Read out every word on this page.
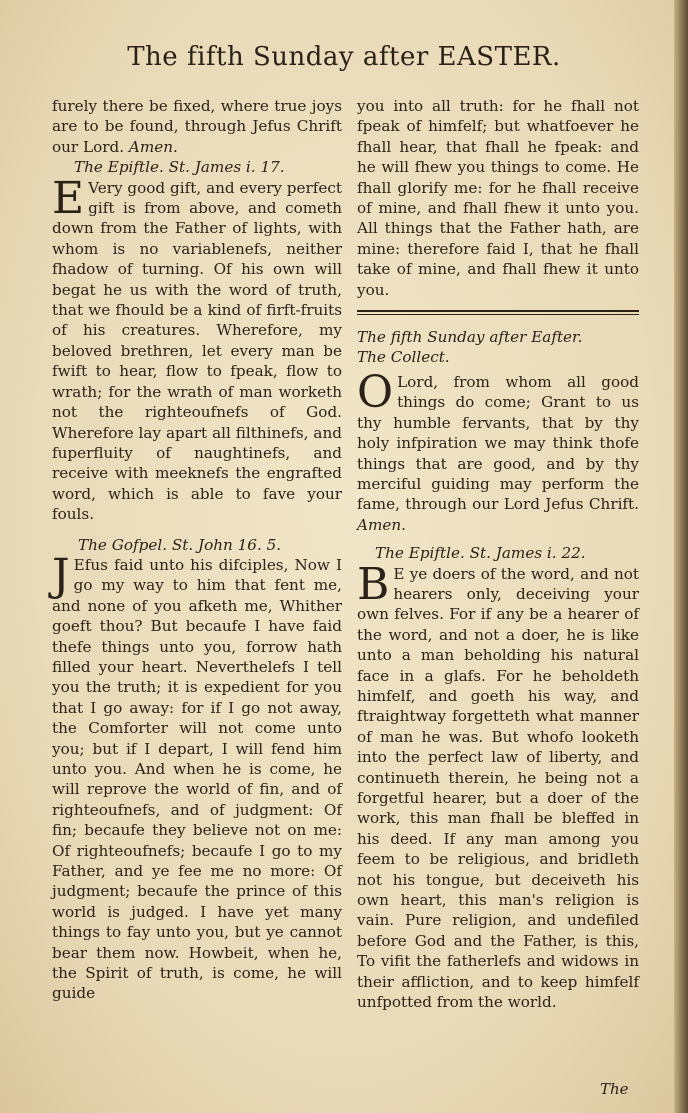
The fifth Sunday after EASTER.

furely there be fixed, where true joys are to be found, through Jefus Chrift our Lord. Amen.

The Epiftle. St. James i. 17.

E Very good gift, and every perfect gift is from above, and cometh down from the Father of lights, with whom is no variablenefs, neither fhadow of turning. Of his own will begat he us with the word of truth, that we fhould be a kind of firft-fruits of his creatures. Wherefore, my beloved brethren, let every man be fwift to hear, flow to fpeak, flow to wrath; for the wrath of man worketh not the righteoufnefs of God. Wherefore lay apart all filthinefs, and fuperfluity of naughtinefs, and receive with meeknefs the engrafted word, which is able to fave your fouls.

The Gofpel. St. John 16. 5.

J Efus faid unto his difciples, Now I go my way to him that fent me, and none of you afketh me, Whither goeft thou? But becaufe I have faid thefe things unto you, forrow hath filled your heart. Neverthelefs I tell you the truth; it is expedient for you that I go away: for if I go not away, the Comforter will not come unto you; but if I depart, I will fend him unto you. And when he is come, he will reprove the world of fin, and of righteoufnefs, and of judgment: Of fin; becaufe they believe not on me: Of righteoufnefs; becaufe I go to my Father, and ye fee me no more: Of judgment; becaufe the prince of this world is judged. I have yet many things to fay unto you, but ye cannot bear them now. Howbeit, when he, the Spirit of truth, is come, he will guide

you into all truth: for he fhall not fpeak of himfelf; but whatfoever he fhall hear, that fhall he fpeak: and he will fhew you things to come. He fhall glorify me: for he fhall receive of mine, and fhall fhew it unto you. All things that the Father hath, are mine: therefore faid I, that he fhall take of mine, and fhall fhew it unto you.

The fifth Sunday after Eafter.

The Collect.

O Lord, from whom all good things do come; Grant to us thy humble fervants, that by thy holy infpiration we may think thofe things that are good, and by thy merciful guiding may perform the fame, through our Lord Jefus Chrift. Amen.

The Epiftle. St. James i. 22.

B E ye doers of the word, and not hearers only, deceiving your own felves. For if any be a hearer of the word, and not a doer, he is like unto a man beholding his natural face in a glafs. For he beholdeth himfelf, and goeth his way, and ftraightway forgetteth what manner of man he was. But whofo looketh into the perfect law of liberty, and continueth therein, he being not a forgetful hearer, but a doer of the work, this man fhall be bleffed in his deed. If any man among you feem to be religious, and bridleth not his tongue, but deceiveth his own heart, this man's religion is vain. Pure religion, and undefiled before God and the Father, is this, To vifit the fatherlefs and widows in their affliction, and to keep himfelf unfpotted from the world.

The
